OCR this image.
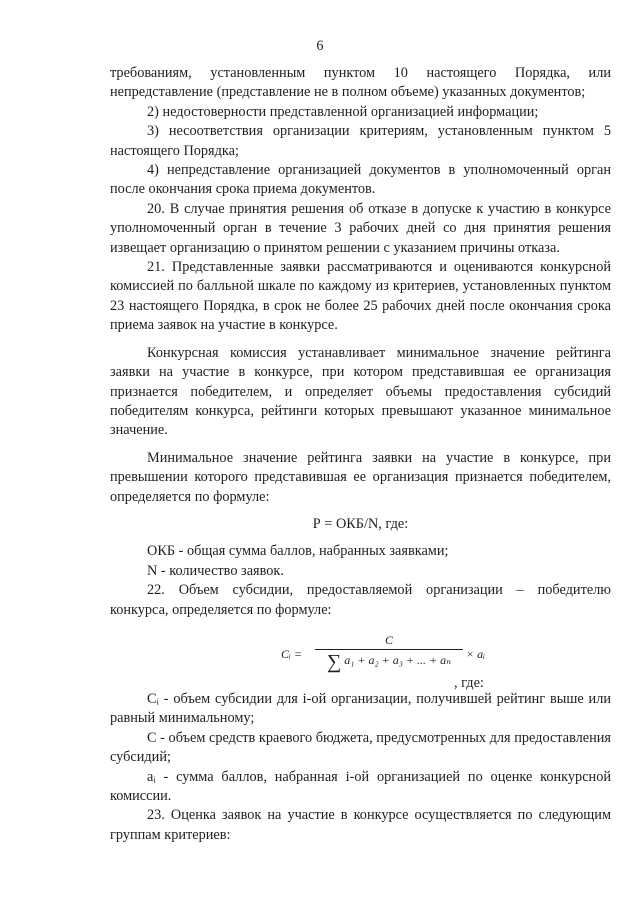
6

требованиям, установленным пунктом 10 настоящего Порядка, или непредставление (представление не в полном объеме) указанных документов;

2) недостоверности представленной организацией информации;

3) несоответствия организации критериям, установленным пунктом 5 настоящего Порядка;

4) непредставление организацией документов в уполномоченный орган после окончания срока приема документов.

20. В случае принятия решения об отказе в допуске к участию в конкурсе уполномоченный орган в течение 3 рабочих дней со дня принятия решения извещает организацию о принятом решении с указанием причины отказа.

21. Представленные заявки рассматриваются и оцениваются конкурсной комиссией по балльной шкале по каждому из критериев, установленных пунктом 23 настоящего Порядка, в срок не более 25 рабочих дней после окончания срока приема заявок на участие в конкурсе.

Конкурсная комиссия устанавливает минимальное значение рейтинга заявки на участие в конкурсе, при котором представившая ее организация признается победителем, и определяет объемы предоставления субсидий победителям конкурса, рейтинги которых превышают указанное минимальное значение.

Минимальное значение рейтинга заявки на участие в конкурсе, при превышении которого представившая ее организация признается победителем, определяется по формуле:

Р = ОКБ/N, где:

ОКБ - общая сумма баллов, набранных заявками;

N - количество заявок.

22. Объем субсидии, предоставляемой организации – победителю конкурса, определяется по формуле:

Cᵢ =
C
∑ a₁ + a₂ + a₃ + ... + aₙ	× aᵢ
, где:

Cᵢ - объем субсидии для i-ой организации, получившей рейтинг выше или равный минимальному;

С - объем средств краевого бюджета, предусмотренных для предоставления субсидий;

aᵢ - сумма баллов, набранная i-ой организацией по оценке конкурсной комиссии.

23. Оценка заявок на участие в конкурсе осуществляется по следующим группам критериев:
